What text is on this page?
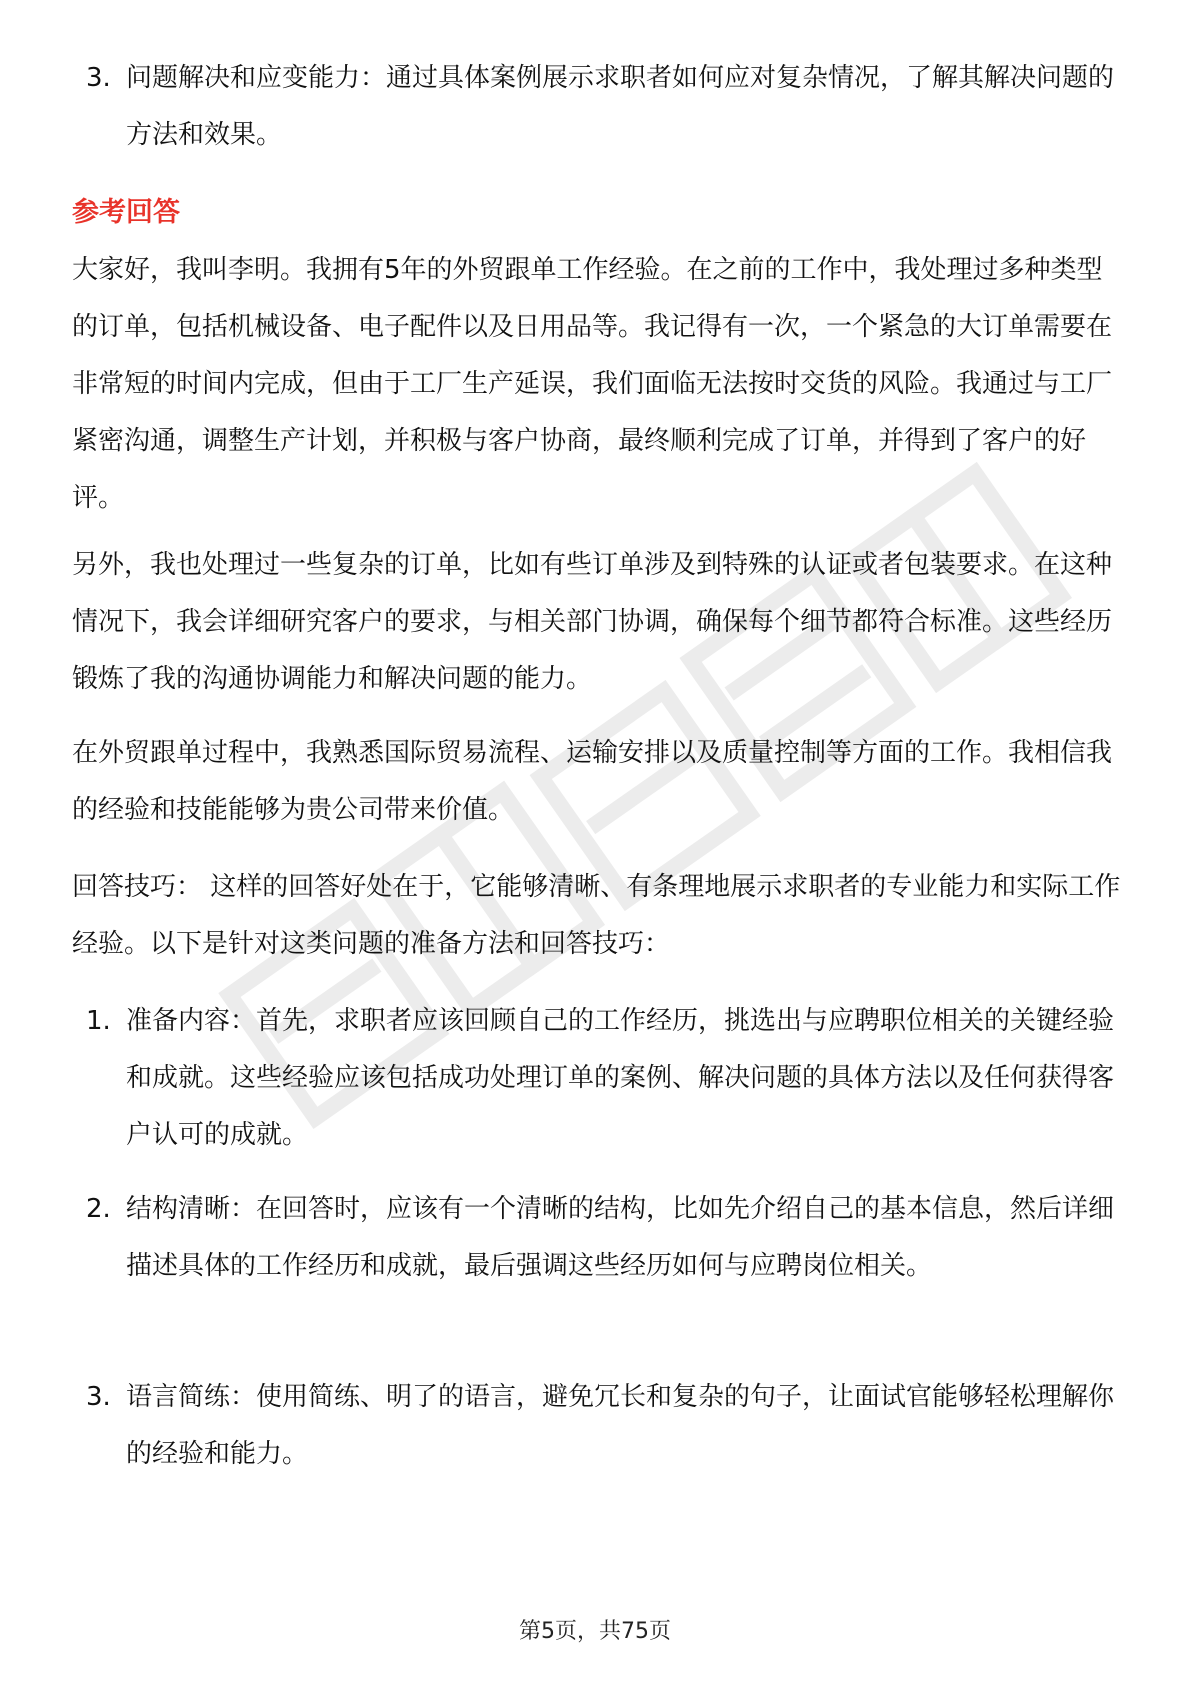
3. 问题解决和应变能力：通过具体案例展示求职者如何应对复杂情况，了解其解决问题的方法和效果。
参考回答
大家好，我叫李明。我拥有5年的外贸跟单工作经验。在之前的工作中，我处理过多种类型的订单，包括机械设备、电子配件以及日用品等。我记得有一次，一个紧急的大订单需要在非常短的时间内完成，但由于工厂生产延误，我们面临无法按时交货的风险。我通过与工厂紧密沟通，调整生产计划，并积极与客户协商，最终顺利完成了订单，并得到了客户的好评。
另外，我也处理过一些复杂的订单，比如有些订单涉及到特殊的认证或者包装要求。在这种情况下，我会详细研究客户的要求，与相关部门协调，确保每个细节都符合标准。这些经历锻炼了我的沟通协调能力和解决问题的能力。
在外贸跟单过程中，我熟悉国际贸易流程、运输安排以及质量控制等方面的工作。我相信我的经验和技能能够为贵公司带来价值。
回答技巧： 这样的回答好处在于，它能够清晰、有条理地展示求职者的专业能力和实际工作经验。以下是针对这类问题的准备方法和回答技巧：
1. 准备内容：首先，求职者应该回顾自己的工作经历，挑选出与应聘职位相关的关键经验和成就。这些经验应该包括成功处理订单的案例、解决问题的具体方法以及任何获得客户认可的成就。
2. 结构清晰：在回答时，应该有一个清晰的结构，比如先介绍自己的基本信息，然后详细描述具体的工作经历和成就，最后强调这些经历如何与应聘岗位相关。
3. 语言简练：使用简练、明了的语言，避免冗长和复杂的句子，让面试官能够轻松理解你的经验和能力。
第5页，共75页
